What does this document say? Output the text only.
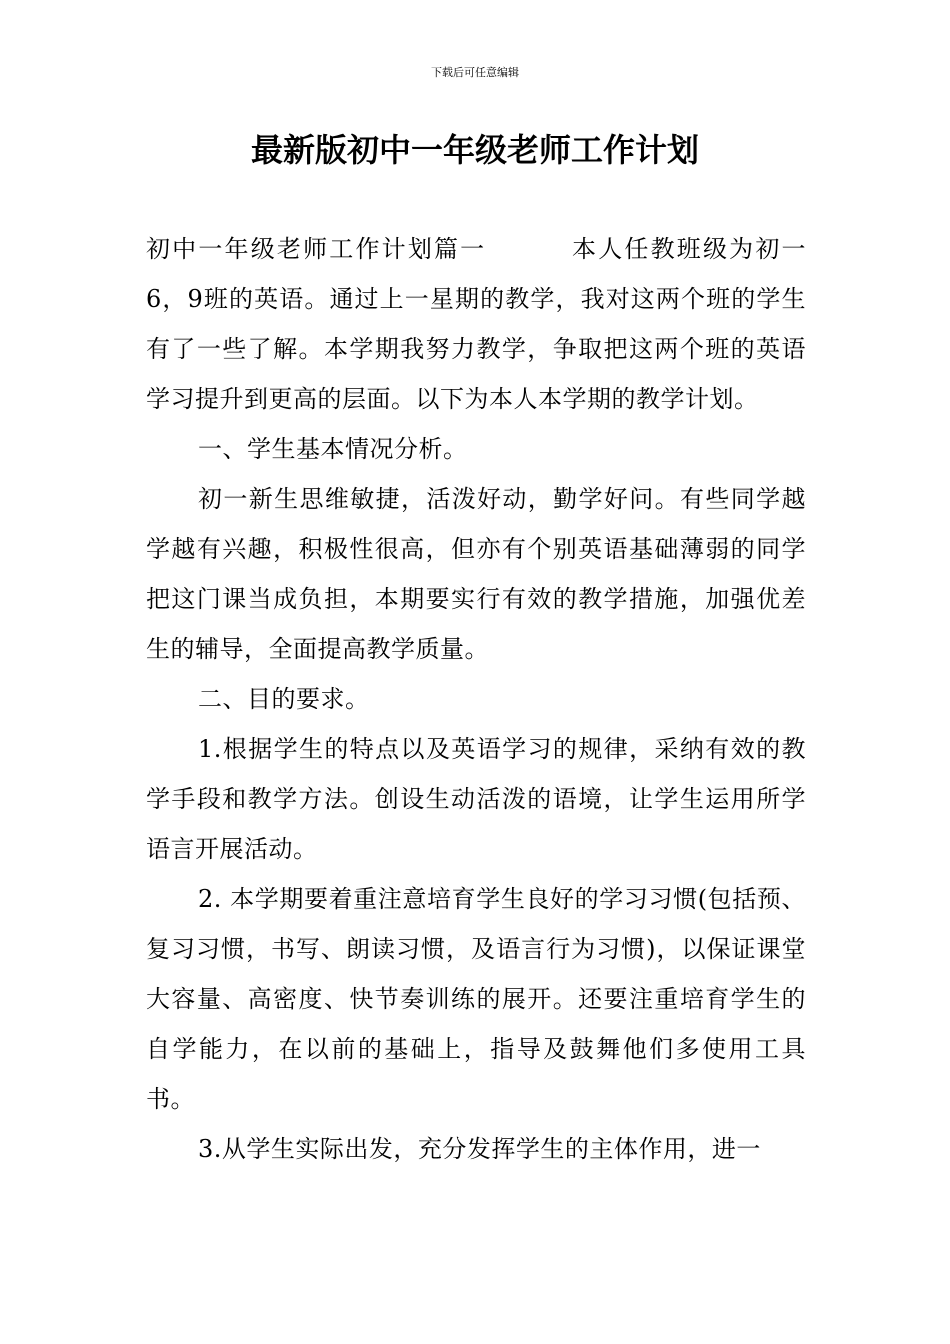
下载后可任意编辑
最新版初中一年级老师工作计划

初中一年级老师工作计划篇一	本人任教班级为初一6，9班的英语。通过上一星期的教学，我对这两个班的学生有了一些了解。本学期我努力教学，争取把这两个班的英语学习提升到更高的层面。以下为本人本学期的教学计划。

一、学生基本情况分析。

初一新生思维敏捷，活泼好动，勤学好问。有些同学越学越有兴趣，积极性很高，但亦有个别英语基础薄弱的同学把这门课当成负担，本期要实行有效的教学措施，加强优差生的辅导，全面提高教学质量。

二、目的要求。

1.根据学生的特点以及英语学习的规律，采纳有效的教学手段和教学方法。创设生动活泼的语境，让学生运用所学语言开展活动。

2. 本学期要着重注意培育学生良好的学习习惯(包括预、复习习惯，书写、朗读习惯，及语言行为习惯)，以保证课堂大容量、高密度、快节奏训练的展开。还要注重培育学生的自学能力，在以前的基础上，指导及鼓舞他们多使用工具书。

3.从学生实际出发，充分发挥学生的主体作用，进一
